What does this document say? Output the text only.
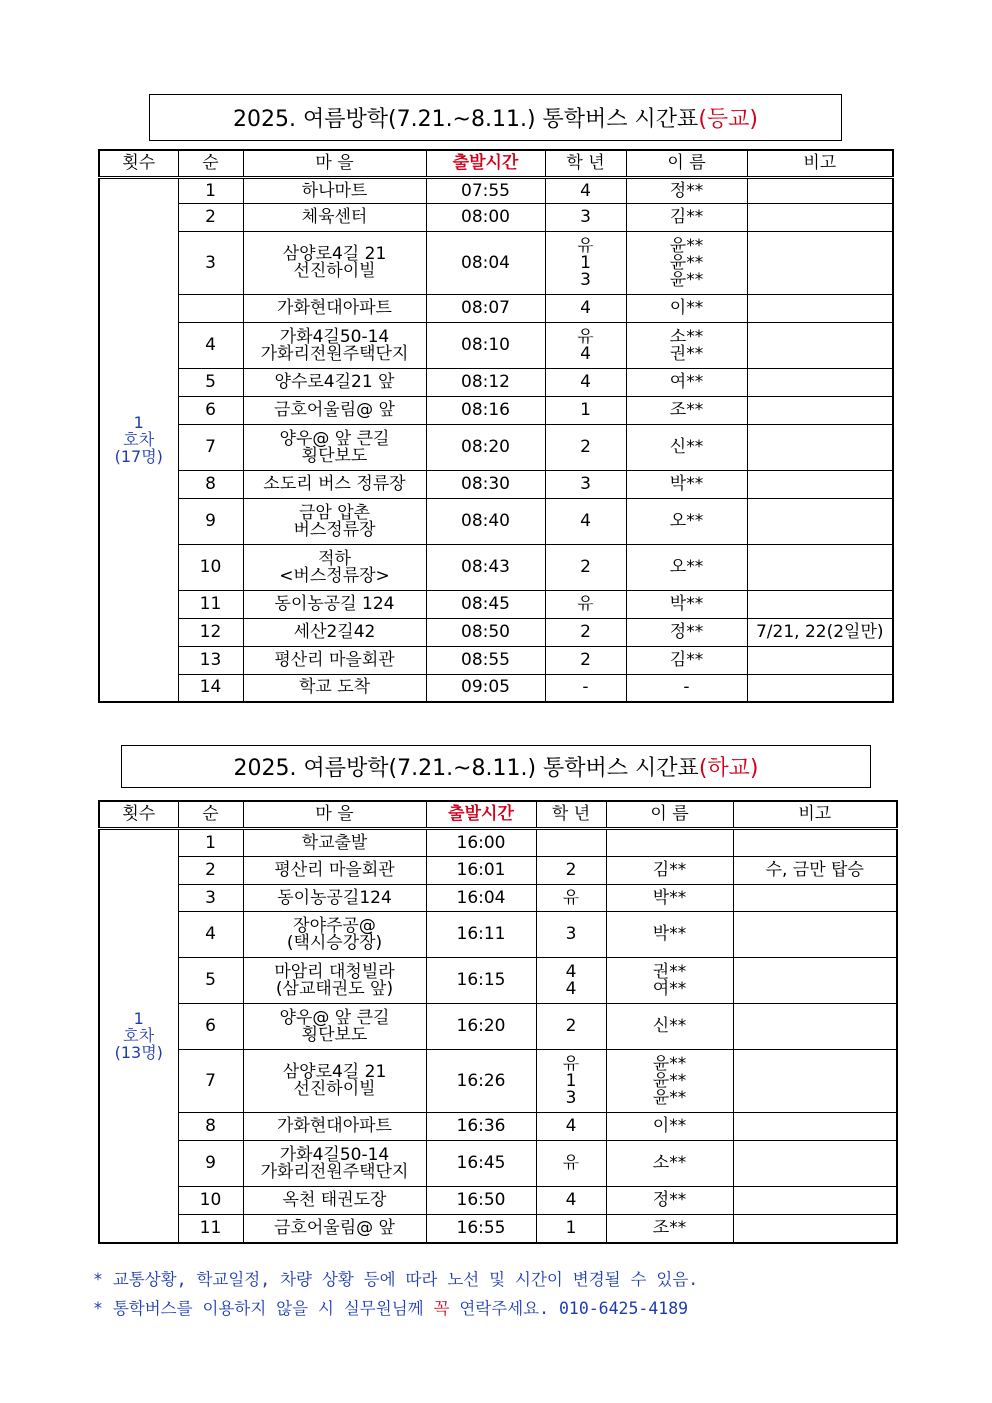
2025. 여름방학(7.21.~8.11.) 통학버스 시간표 (등교)
횟수	순	마 을	출발시간	학 년	이 름	비고

1
호차
(17명)	1	하나마트	07:55	4	정**	

	2	체육센터	08:00	3	김**	

	3	삼양로4길 21
선진하이빌	08:04	유
1
3	윤**
윤**
윤**	

		가화현대아파트	08:07	4	이**	

	4	가화4길50-14
가화리전원주택단지	08:10	유
4	소**
권**	

	5	양수로4길21 앞	08:12	4	여**	

	6	금호어울림@ 앞	08:16	1	조**	

	7	양우@ 앞 큰길
횡단보도	08:20	2	신**	

	8	소도리 버스 정류장	08:30	3	박**	

	9	금암 압촌
버스정류장	08:40	4	오**	

	10	적하
<버스정류장>	08:43	2	오**	

	11	동이농공길 124	08:45	유	박**	

	12	세산2길42	08:50	2	정**	7/21, 22(2일만)
	13	평산리 마을회관	08:55	2	김**	

	14	학교 도착	09:05	-	-	

2025. 여름방학(7.21.~8.11.) 통학버스 시간표 (하교)
횟수	순	마 을	출발시간	학 년	이 름	비고

1
호차
(13명)	1	학교출발	16:00	

	2	평산리 마을회관	16:01	2	김**	수, 금만 탑승
	3	동이농공길124	16:04	유	박**	

	4	장야주공@
(택시승강장)	16:11	3	박**	

	5	마암리 대청빌라
(삼교태권도 앞)	16:15	4
4	권**
여**	

	6	양우@ 앞 큰길
횡단보도	16:20	2	신**	

	7	삼양로4길 21
선진하이빌	16:26	유
1
3	윤**
윤**
윤**	

	8	가화현대아파트	16:36	4	이**	

	9	가화4길50-14
가화리전원주택단지	16:45	유	소**	

	10	옥천 태권도장	16:50	4	정**	

	11	금호어울림@ 앞	16:55	1	조**	

* 교통상황, 학교일정, 차량 상황 등에 따라 노선 및 시간이 변경될 수 있음.
* 통학버스를 이용하지 않을 시 실무원님께 꼭 연락주세요. 010-6425-4189
